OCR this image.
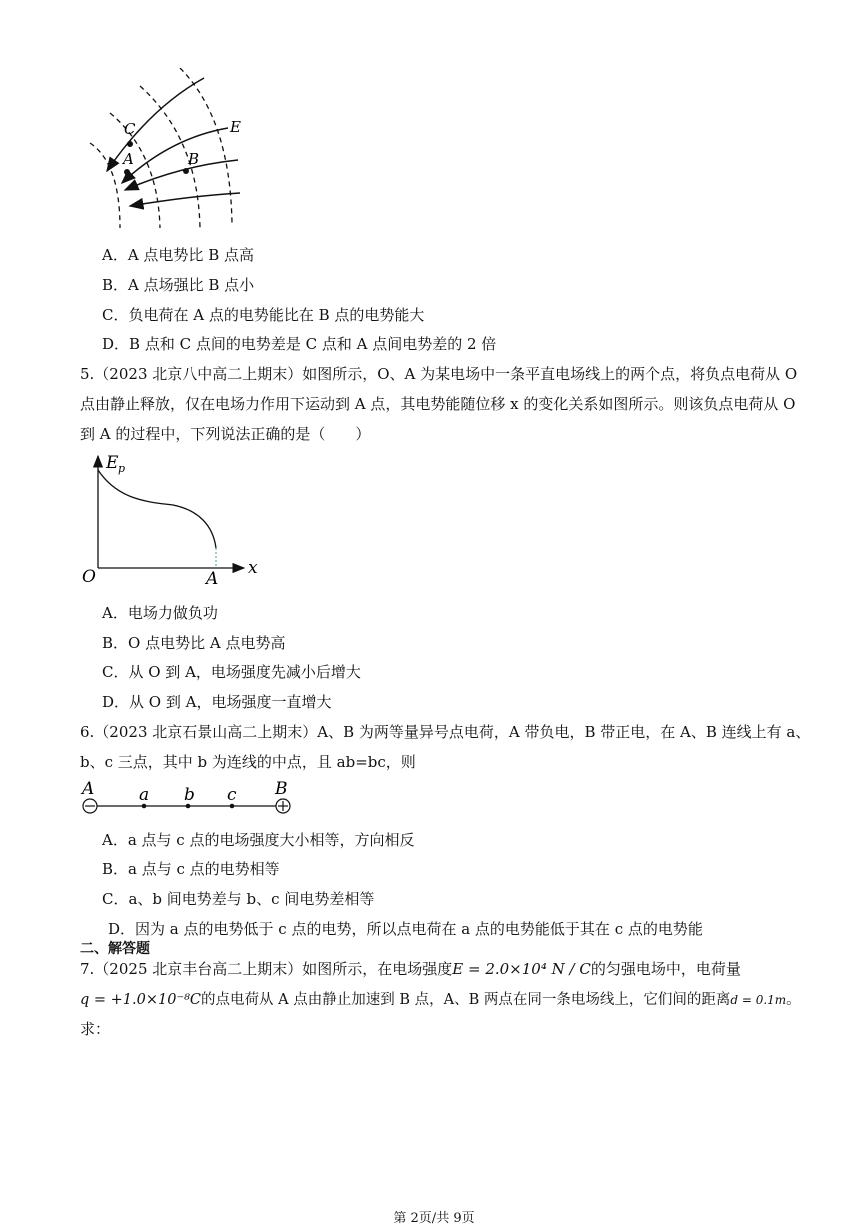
C
A	B
E
A．A 点电势比 B 点高
B．A 点场强比 B 点小
C．负电荷在 A 点的电势能比在 B 点的电势能大
D．B 点和 C 点间的电势差是 C 点和 A 点间电势差的 2 倍
5.（2023 北京八中高二上期末）如图所示，O、A 为某电场中一条平直电场线上的两个点，将负点电荷从 O
点由静止释放，仅在电场力作用下运动到 A 点，其电势能随位移 x 的变化关系如图所示。则该负点电荷从 O
到 A 的过程中，下列说法正确的是（　　）
E p
x
O	A
A．电场力做负功
B．O 点电势比 A 点电势高
C．从 O 到 A，电场强度先减小后增大
D．从 O 到 A，电场强度一直增大
6.（2023 北京石景山高二上期末）A、B 为两等量异号点电荷，A 带负电，B 带正电，在 A、B 连线上有 a、
b、c 三点，其中 b 为连线的中点，且 ab=bc，则
A	a b c B
A．a 点与 c 点的电场强度大小相等，方向相反
B．a 点与 c 点的电势相等
C．a、b 间电势差与 b、c 间电势差相等
D．因为 a 点的电势低于 c 点的电势，所以点电荷在 a 点的电势能低于其在 c 点的电势能
二、解答题
7.（2025 北京丰台高二上期末）如图所示，在电场强度E = 2.0×10⁴ N / C的匀强电场中，电荷量
q = +1.0×10⁻⁸C的点电荷从 A 点由静止加速到 B 点，A、B 两点在同一条电场线上，它们间的距离d = 0.1m。
求：
第 2页/共 9页
